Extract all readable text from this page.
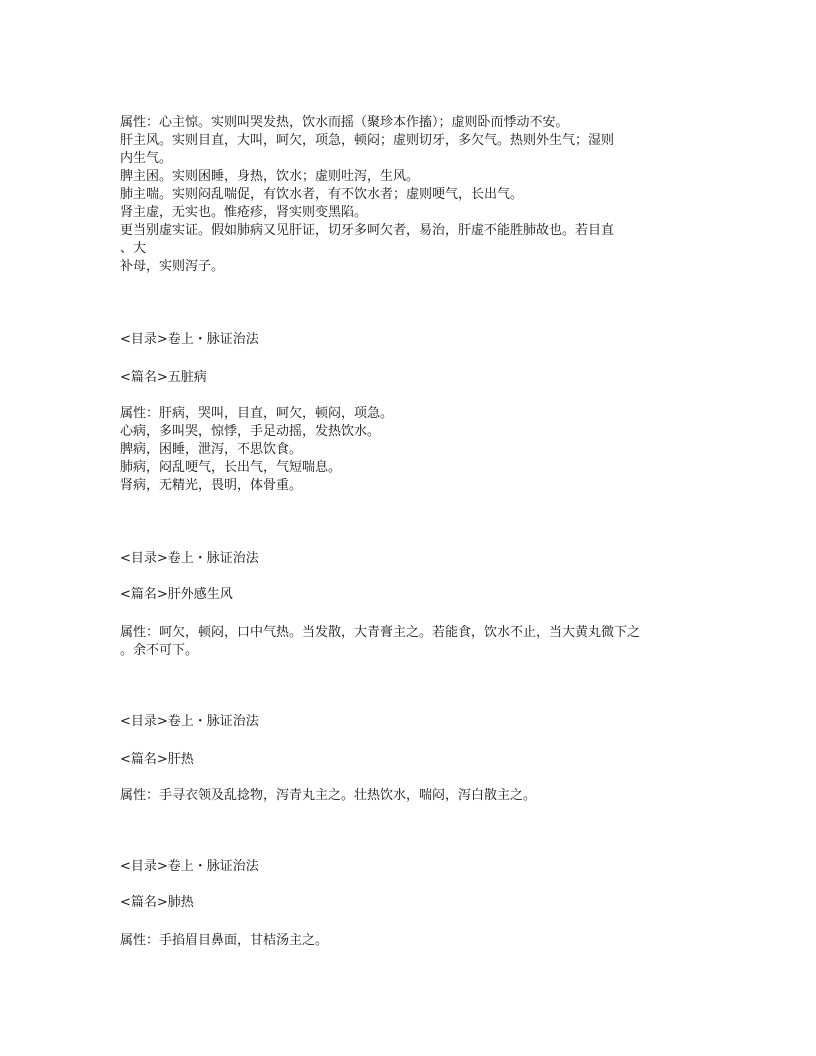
属性：心主惊。实则叫哭发热，饮水而摇（聚珍本作搐）；虚则卧而悸动不安。
肝主风。实则目直，大叫，呵欠，项急，顿闷；虚则切牙，多欠气。热则外生气；湿则
内生气。
脾主困。实则困睡，身热，饮水；虚则吐泻，生风。
肺主喘。实则闷乱喘促，有饮水者，有不饮水者；虚则哽气，长出气。
肾主虚，无实也。惟疮疹，肾实则变黑陷。
更当别虚实证。假如肺病又见肝证，切牙多呵欠者，易治，肝虚不能胜肺故也。若目直
、大
补母，实则泻子。
<目录>卷上・脉证治法
<篇名>五脏病
属性：肝病，哭叫，目直，呵欠，顿闷，项急。
心病，多叫哭，惊悸，手足动摇，发热饮水。
脾病，困睡，泄泻，不思饮食。
肺病，闷乱哽气，长出气，气短喘息。
肾病，无精光，畏明，体骨重。
<目录>卷上・脉证治法
<篇名>肝外感生风
属性：呵欠，顿闷，口中气热。当发散，大青膏主之。若能食，饮水不止，当大黄丸微下之
。余不可下。
<目录>卷上・脉证治法
<篇名>肝热
属性：手寻衣领及乱捻物，泻青丸主之。壮热饮水，喘闷，泻白散主之。
<目录>卷上・脉证治法
<篇名>肺热
属性：手掐眉目鼻面，甘桔汤主之。
